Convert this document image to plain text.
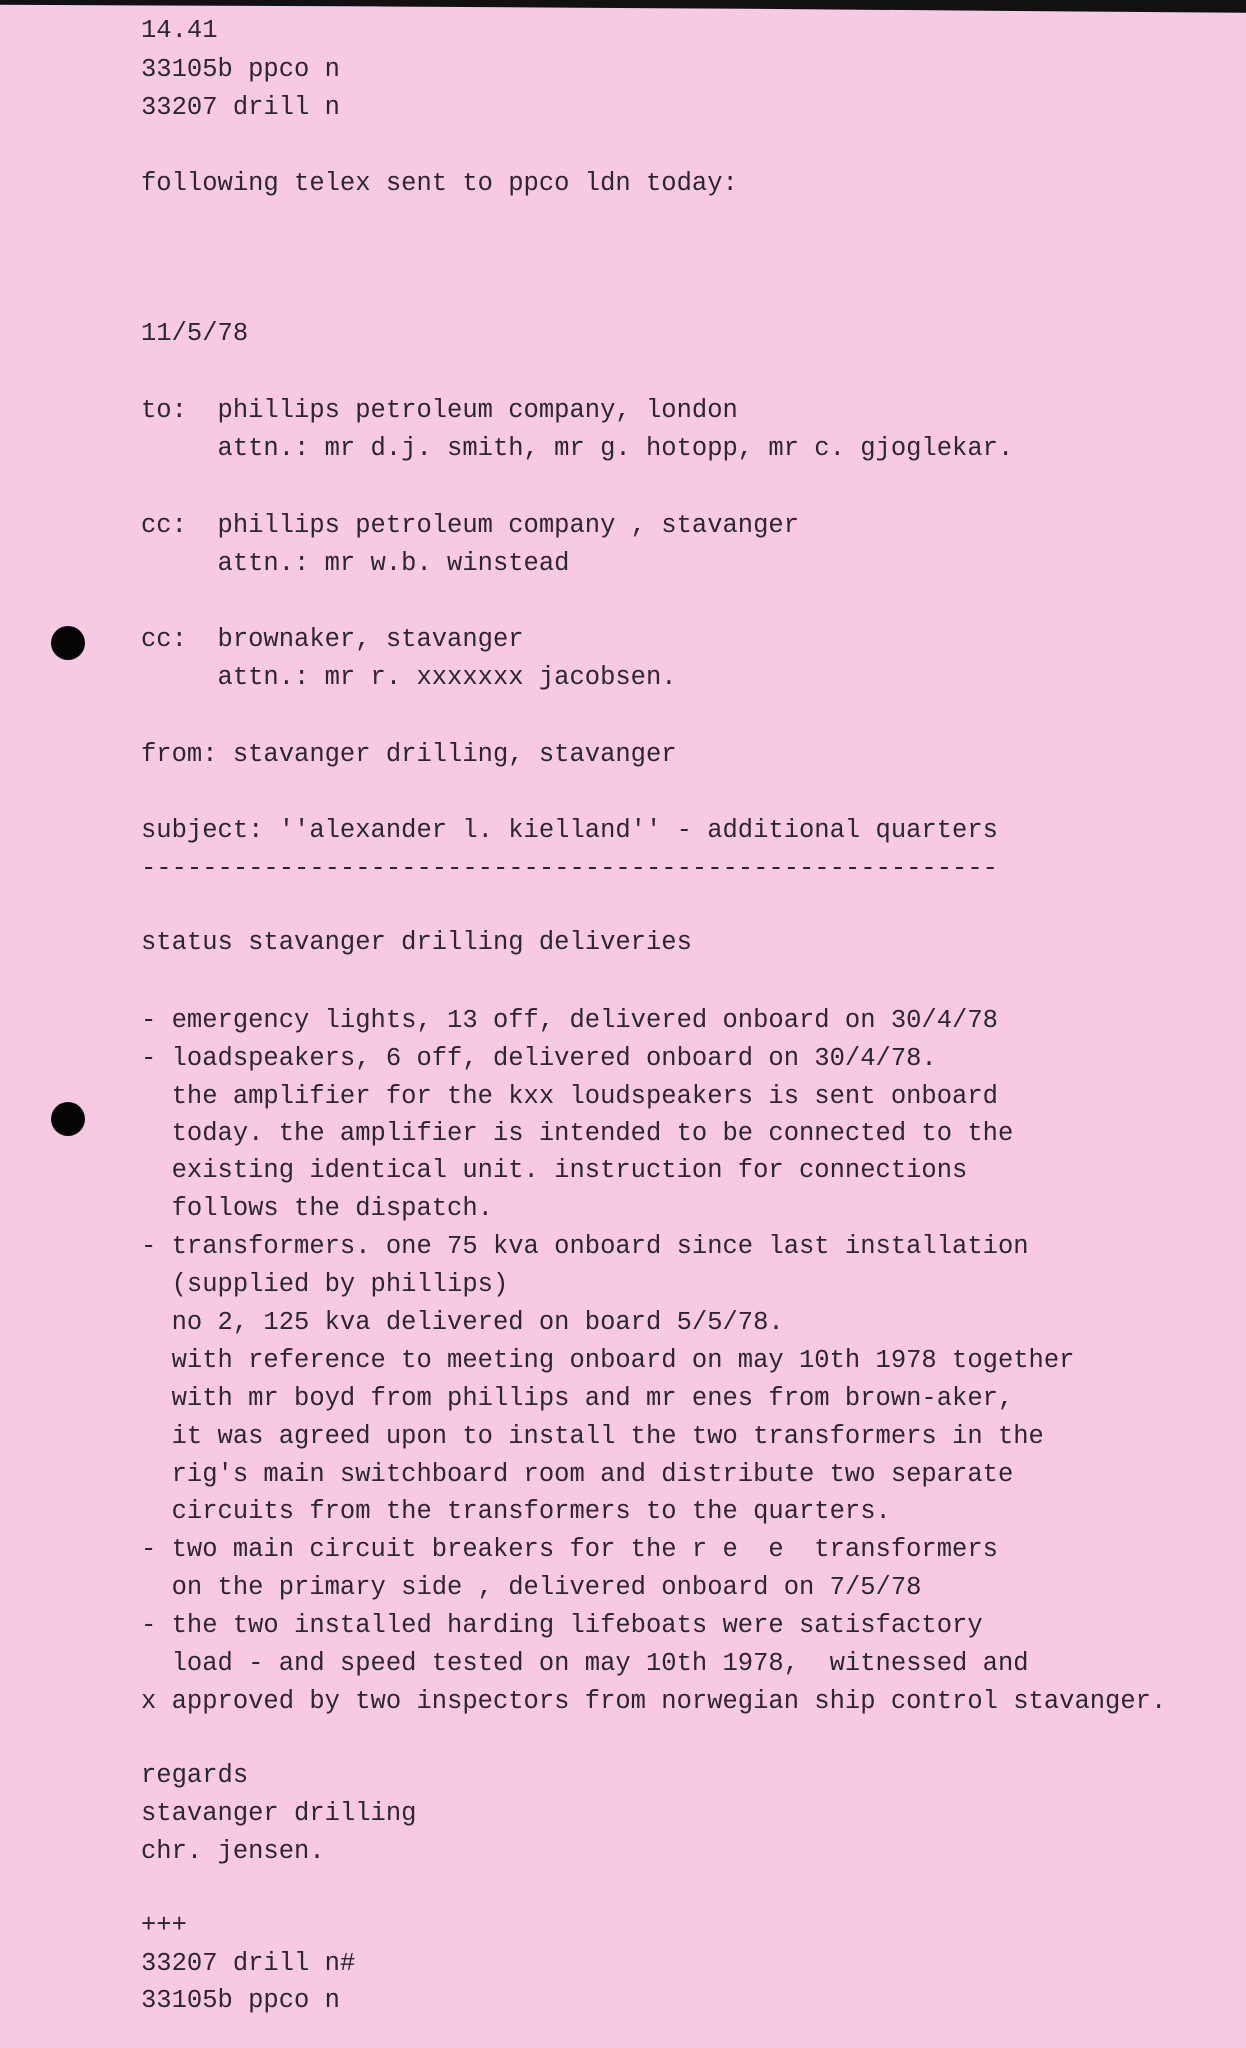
14.41
33105b ppco n
33207 drill n
following telex sent to ppco ldn today:
11/5/78
to:  phillips petroleum company, london
attn.: mr d.j. smith, mr g. hotopp, mr c. gjoglekar.
cc:  phillips petroleum company , stavanger
attn.: mr w.b. winstead
cc:  brownaker, stavanger
attn.: mr r. xxxxxxx jacobsen.
from: stavanger drilling, stavanger
subject: ''alexander l. kielland'' - additional quarters
--------------------------------------------------------
status stavanger drilling deliveries
- emergency lights, 13 off, delivered onboard on 30/4/78
- loadspeakers, 6 off, delivered onboard on 30/4/78.
the amplifier for the kxx loudspeakers is sent onboard
today. the amplifier is intended to be connected to the
existing identical unit. instruction for connections
follows the dispatch.
- transformers. one 75 kva onboard since last installation
(supplied by phillips)
no 2, 125 kva delivered on board 5/5/78.
with reference to meeting onboard on may 10th 1978 together
with mr boyd from phillips and mr enes from brown-aker,
it was agreed upon to install the two transformers in the
rig's main switchboard room and distribute two separate
circuits from the transformers to the quarters.
- two main circuit breakers for the r e  e  transformers
on the primary side , delivered onboard on 7/5/78
- the two installed harding lifeboats were satisfactory
load - and speed tested on may 10th 1978,  witnessed and
x approved by two inspectors from norwegian ship control stavanger.
regards
stavanger drilling
chr. jensen.
+++
33207 drill n#
33105b ppco n
